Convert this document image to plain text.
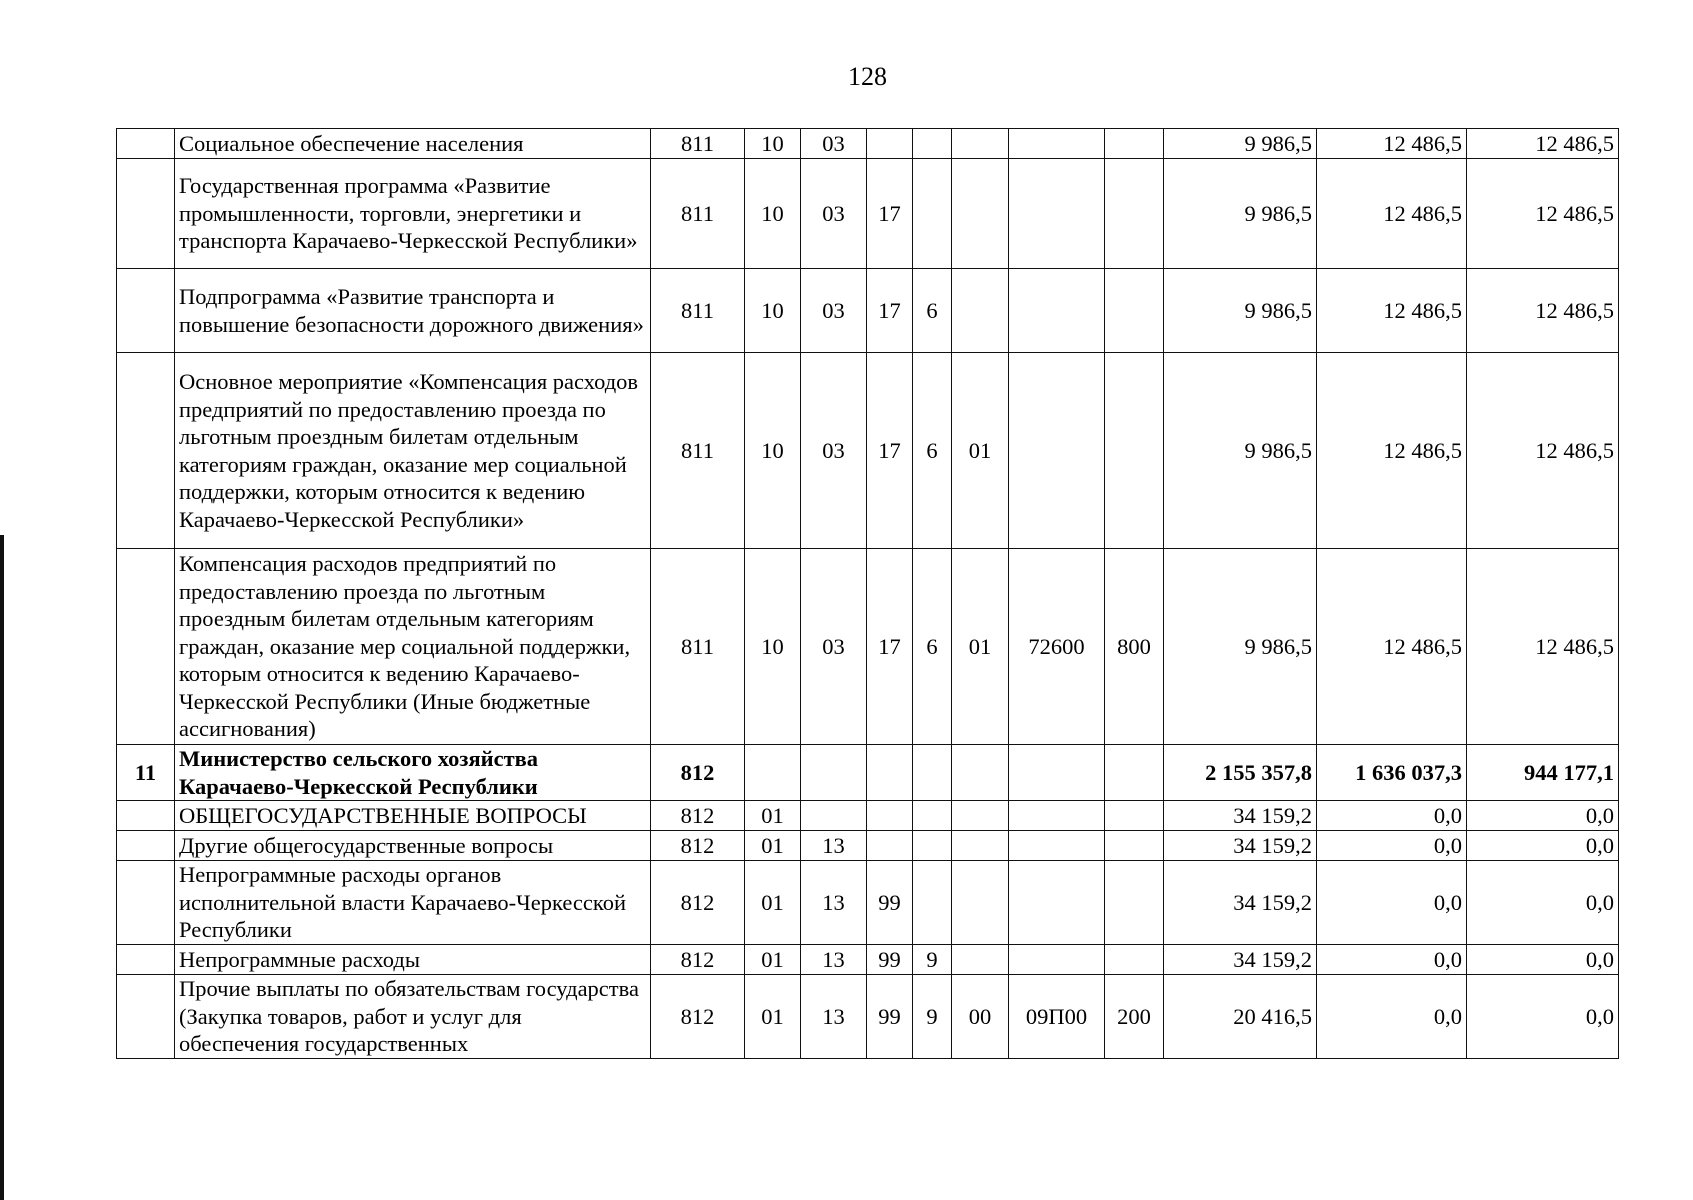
128
	Социальное обеспечение населения	811	10	03						9 986,5	12 486,5	12 486,5
	Государственная программа «Развитие промышленности, торговли, энергетики и транспорта Карачаево-Черкесской Республики»	811	10	03	17					9 986,5	12 486,5	12 486,5
	Подпрограмма «Развитие транспорта и повышение безопасности дорожного движения»	811	10	03	17	6				9 986,5	12 486,5	12 486,5
	Основное мероприятие «Компенсация расходов предприятий по предоставлению проезда по льготным проездным билетам отдельным категориям граждан, оказание мер социальной поддержки, которым относится к ведению Карачаево-Черкесской Республики»	811	10	03	17	6	01			9 986,5	12 486,5	12 486,5
	Компенсация расходов предприятий по предоставлению проезда по льготным проездным билетам отдельным категориям граждан, оказание мер социальной поддержки, которым относится к ведению Карачаево-Черкесской Республики (Иные бюджетные ассигнования)	811	10	03	17	6	01	72600	800	9 986,5	12 486,5	12 486,5
11	Министерство сельского хозяйства Карачаево-Черкесской Республики	812								2 155 357,8	1 636 037,3	944 177,1
	ОБЩЕГОСУДАРСТВЕННЫЕ ВОПРОСЫ	812	01							34 159,2	0,0	0,0
	Другие общегосударственные вопросы	812	01	13						34 159,2	0,0	0,0
	Непрограммные расходы органов исполнительной власти Карачаево-Черкесской Республики	812	01	13	99					34 159,2	0,0	0,0
	Непрограммные расходы	812	01	13	99	9				34 159,2	0,0	0,0
	Прочие выплаты по обязательствам государства (Закупка товаров, работ и услуг для обеспечения государственных	812	01	13	99	9	00	09П00	200	20 416,5	0,0	0,0
